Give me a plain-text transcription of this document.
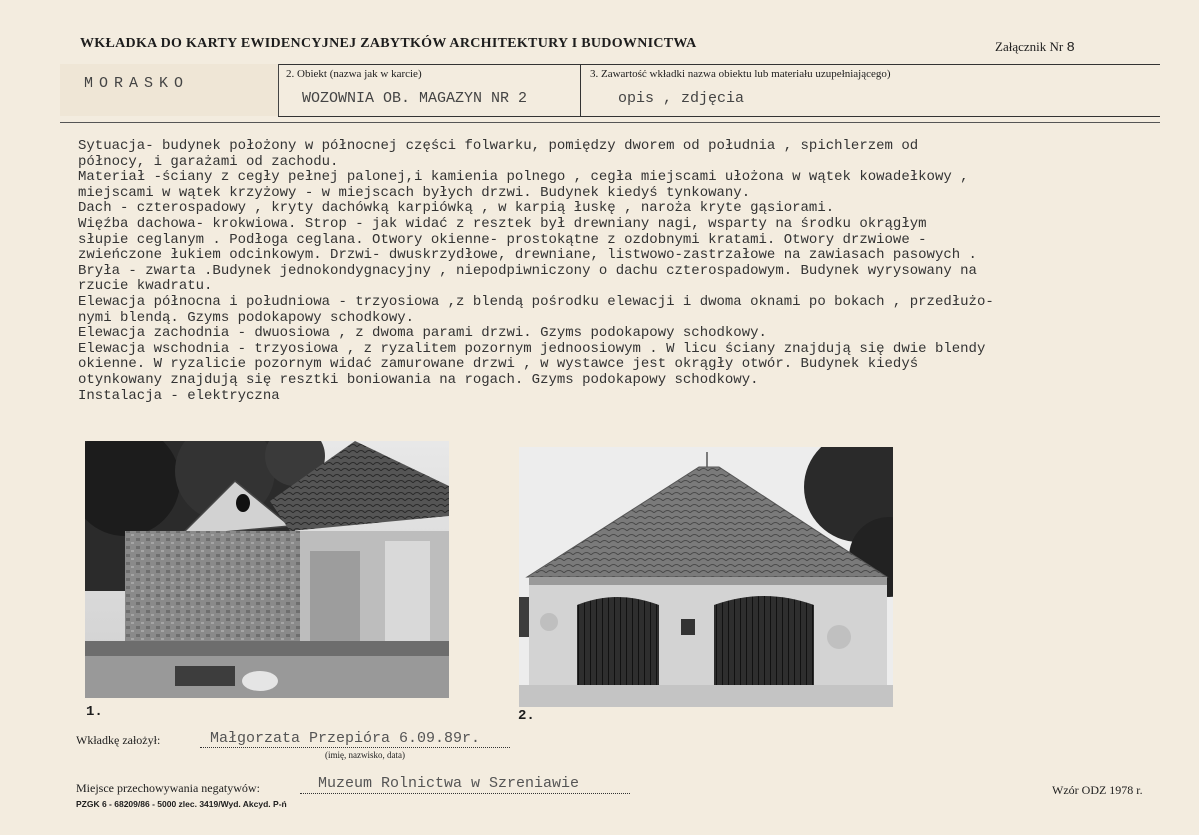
WKŁADKA DO KARTY EWIDENCYJNEJ ZABYTKÓW ARCHITEKTURY I BUDOWNICTWA	Załącznik Nr 8
MORASKO
2. Obiekt (nazwa jak w karcie)
WOZOWNIA OB. MAGAZYN NR 2
3. Zawartość wkładki nazwa obiektu lub materiału uzupełniającego)
opis , zdjęcia

Sytuacja- budynek położony w północnej części folwarku, pomiędzy dworem od południa , spichlerzem od

północy, i garażami od zachodu.

Materiał -ściany z cegły pełnej palonej,i kamienia polnego , cegła miejscami ułożona w wątek kowadełkowy ,

miejscami w wątek krzyżowy - w miejscach byłych drzwi. Budynek kiedyś tynkowany.

Dach - czterospadowy , kryty dachówką karpiówką , w karpią łuskę , naroża kryte gąsiorami.

Więźba dachowa- krokwiowa. Strop - jak widać z resztek był drewniany nagi, wsparty na środku okrągłym

słupie ceglanym . Podłoga ceglana. Otwory okienne- prostokątne z ozdobnymi kratami. Otwory drzwiowe -

zwieńczone łukiem odcinkowym. Drzwi- dwuskrzydłowe, drewniane, listwowo-zastrzałowe na zawiasach pasowych .

Bryła - zwarta .Budynek jednokondygnacyjny , niepodpiwniczony o dachu czterospadowym. Budynek wyrysowany na

rzucie kwadratu.

Elewacja północna i południowa - trzyosiowa ,z blendą pośrodku elewacji i dwoma oknami po bokach , przedłużo-

nymi blendą. Gzyms podokapowy schodkowy.

Elewacja zachodnia - dwuosiowa , z dwoma parami drzwi. Gzyms podokapowy schodkowy.

Elewacja wschodnia - trzyosiowa , z ryzalitem pozornym jednoosiowym . W licu ściany znajdują się dwie blendy

okienne. W ryzalicie pozornym widać zamurowane drzwi , w wystawce jest okrągły otwór. Budynek kiedyś

otynkowany znajdują się resztki boniowania na rogach. Gzyms podokapowy schodkowy.

Instalacja - elektryczna

1.	2.
Wkładkę założył:	Małgorzata Przepióra 6.09.89r.
(imię, nazwisko, data)
Miejsce przechowywania negatywów:	Muzeum Rolnictwa w Szreniawie
PZGK 6 - 68209/86 - 5000 zlec. 3419/Wyd. Akcyd. P-ń
Wzór ODZ 1978 r.
